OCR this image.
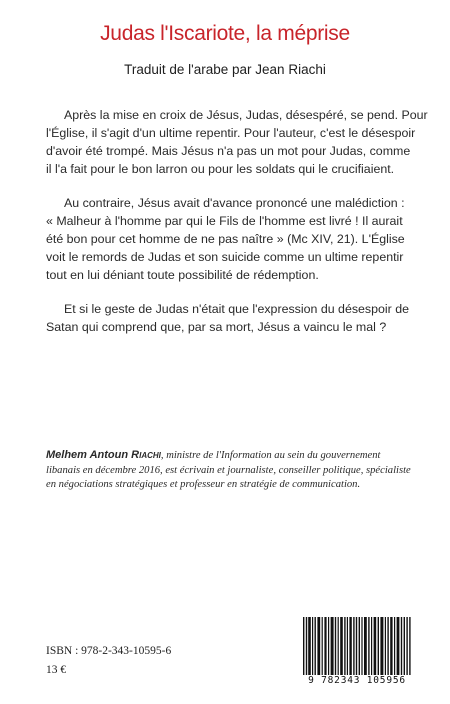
Judas l'Iscariote, la méprise
Traduit de l'arabe par Jean Riachi

Après la mise en croix de Jésus, Judas, désespéré, se pend. Pour
l'Église, il s'agit d'un ultime repentir. Pour l'auteur, c'est le désespoir
d'avoir été trompé. Mais Jésus n'a pas un mot pour Judas, comme
il l'a fait pour le bon larron ou pour les soldats qui le crucifiaient.

Au contraire, Jésus avait d'avance prononcé une malédiction :
« Malheur à l'homme par qui le Fils de l'homme est livré ! Il aurait
été bon pour cet homme de ne pas naître » (Mc XIV, 21). L'Église
voit le remords de Judas et son suicide comme un ultime repentir
tout en lui déniant toute possibilité de rédemption.

Et si le geste de Judas n'était que l'expression du désespoir de
Satan qui comprend que, par sa mort, Jésus a vaincu le mal ?

Melhem Antoun Riachi, ministre de l'Information au sein du gouvernement
libanais en décembre 2016, est écrivain et journaliste, conseiller politique, spécialiste
en négociations stratégiques et professeur en stratégie de communication.
ISBN : 978-2-343-10595-6
13 €
9 782343 105956
